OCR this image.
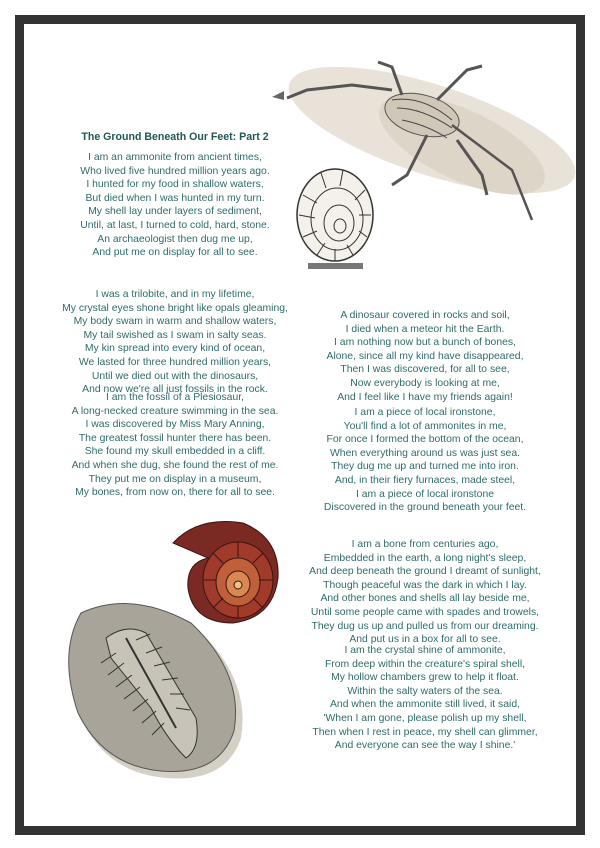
The Ground Beneath Our Feet: Part 2
I am an ammonite from ancient times,
Who lived five hundred million years ago.
I hunted for my food in shallow waters,
But died when I was hunted in my turn.
My shell lay under layers of sediment,
Until, at last, I turned to cold, hard, stone.
An archaeologist then dug me up,
And put me on display for all to see.
I was a trilobite, and in my lifetime,
My crystal eyes shone bright like opals gleaming,
My body swam in warm and shallow waters,
My tail swished as I swam in salty seas.
My kin spread into every kind of ocean,
We lasted for three hundred million years,
Until we died out with the dinosaurs,
And now we're all just fossils in the rock.
I am the fossil of a Plesiosaur,
A long-necked creature swimming in the sea.
I was discovered by Miss Mary Anning,
The greatest fossil hunter there has been.
She found my skull embedded in a cliff.
And when she dug, she found the rest of me.
They put me on display in a museum,
My bones, from now on, there for all to see.
A dinosaur covered in rocks and soil,
I died when a meteor hit the Earth.
I am nothing now but a bunch of bones,
Alone, since all my kind have disappeared,
Then I was discovered, for all to see,
Now everybody is looking at me,
And I feel like I have my friends again!
I am a piece of local ironstone,
You'll find a lot of ammonites in me,
For once I formed the bottom of the ocean,
When everything around us was just sea.
They dug me up and turned me into iron.
And, in their fiery furnaces, made steel,
I am a piece of local ironstone
Discovered in the ground beneath your feet.
I am a bone from centuries ago,
Embedded in the earth, a long night's sleep,
And deep beneath the ground I dreamt of sunlight,
Though peaceful was the dark in which I lay.
And other bones and shells all lay beside me,
Until some people came with spades and trowels,
They dug us up and pulled us from our dreaming.
And put us in a box for all to see.
I am the crystal shine of ammonite,
From deep within the creature's spiral shell,
My hollow chambers grew to help it float.
Within the salty waters of the sea.
And when the ammonite still lived, it said,
'When I am gone, please polish up my shell,
Then when I rest in peace, my shell can glimmer,
And everyone can see the way I shine.'
